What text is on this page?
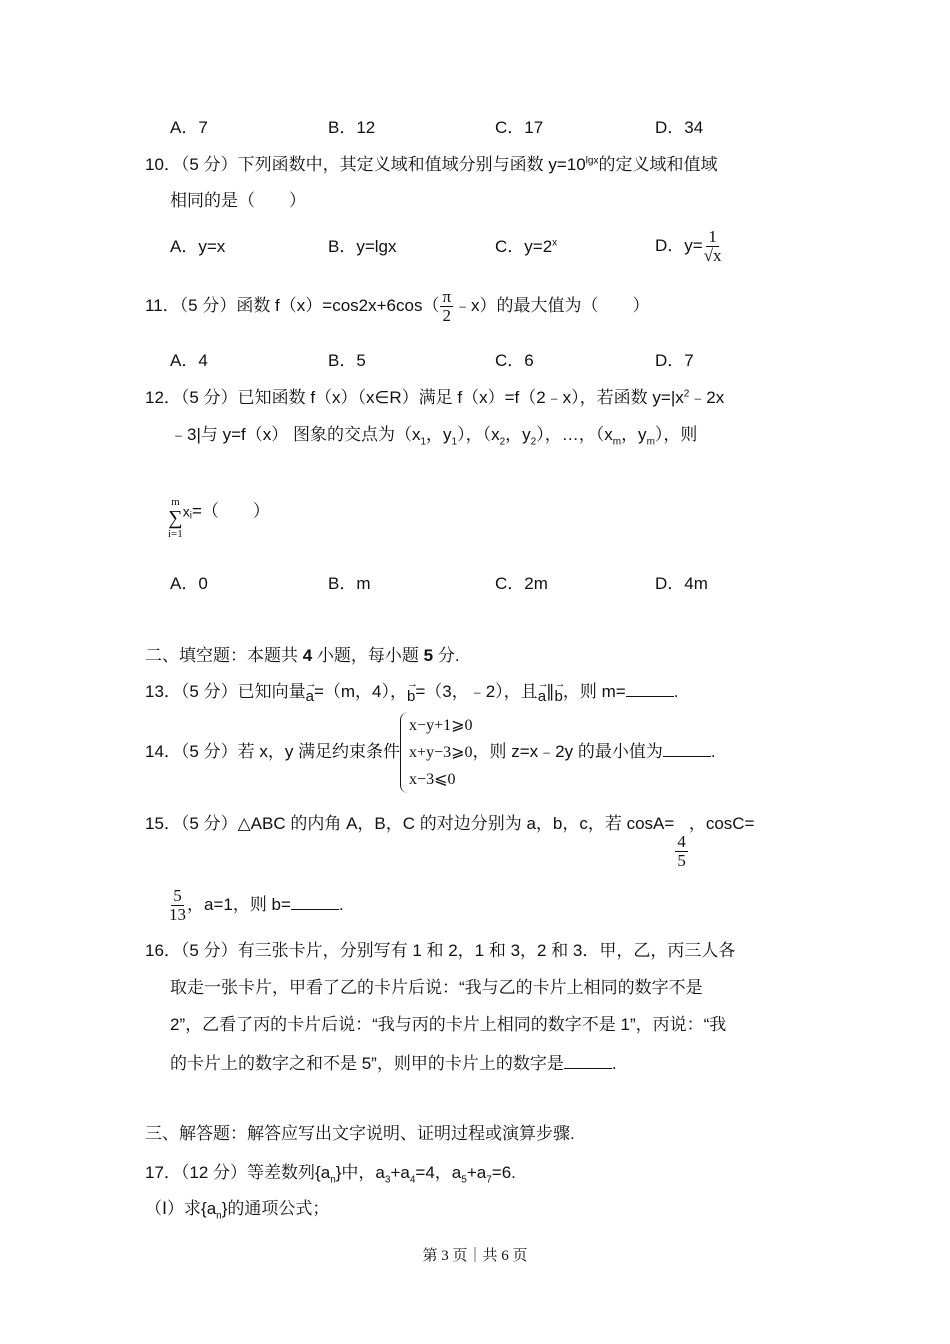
A．7	B．12	C．17	D．34
10．（5 分）下列函数中，其定义域和值域分别与函数 $y=10^{lgx}$的定义域和值域
相同的是（　　）
A．y=x	B．y=lgx	C．$y=2^x$	D．$y= \frac{1}{√x}$
11．（5 分）函数 $f(x)=\cos 2x+6\cos( \frac{\pi}{2}$ ﹣x）的最大值为（　　）
A．4	B．5	C．6	D．7
12．（5 分）已知函数 f（x）（x∈R）满足 f（x）=f（2﹣x），若函数 $y=|x^2﹣2x$
﹣3|与 y=f（x） 图象的交点为（$x_1$，$y_1$），（$x_2$，$y_2$），…，（$x_m$，$y_m$），则
m
∑
i=1
$^x_i$=（　　）
A．0	B．m	C．2m	D．4m
二、填空题：本题共 4 小题，每小题 5 分.
13．（5 分）已知向量→ a=（m，4），→ b=（3，﹣2），且→ a∥→ b，则 m=	.
14．（5 分）若 x，y 满足约束条件
x−y+1⩾0
x+y−3⩾0
x−3⩽0
，则 z=x﹣2y 的最小值为	.
15．（5 分）△ABC 的内角 A，B，C 的对边分别为 a，b，c，若 cosA=
$\frac{4}{5}$
，cosC=
$\frac{5}{13}$ ，a=1，则 b=	.
16．（5 分）有三张卡片，分别写有 1 和 2，1 和 3，2 和 3．甲，乙，丙三人各
取走一张卡片，甲看了乙的卡片后说：“我与乙的卡片上相同的数字不是
2”，乙看了丙的卡片后说：“我与丙的卡片上相同的数字不是 1”，丙说：“我
的卡片上的数字之和不是 5”，则甲的卡片上的数字是	.
三、解答题：解答应写出文字说明、证明过程或演算步骤.
17．（12 分）等差数列$\{a_n\}$中，$a_3+a_4=4$，$a_5+a_7=6$.
（Ⅰ）求$\{a_n\}$的通项公式；
第 3 页｜共 6 页
